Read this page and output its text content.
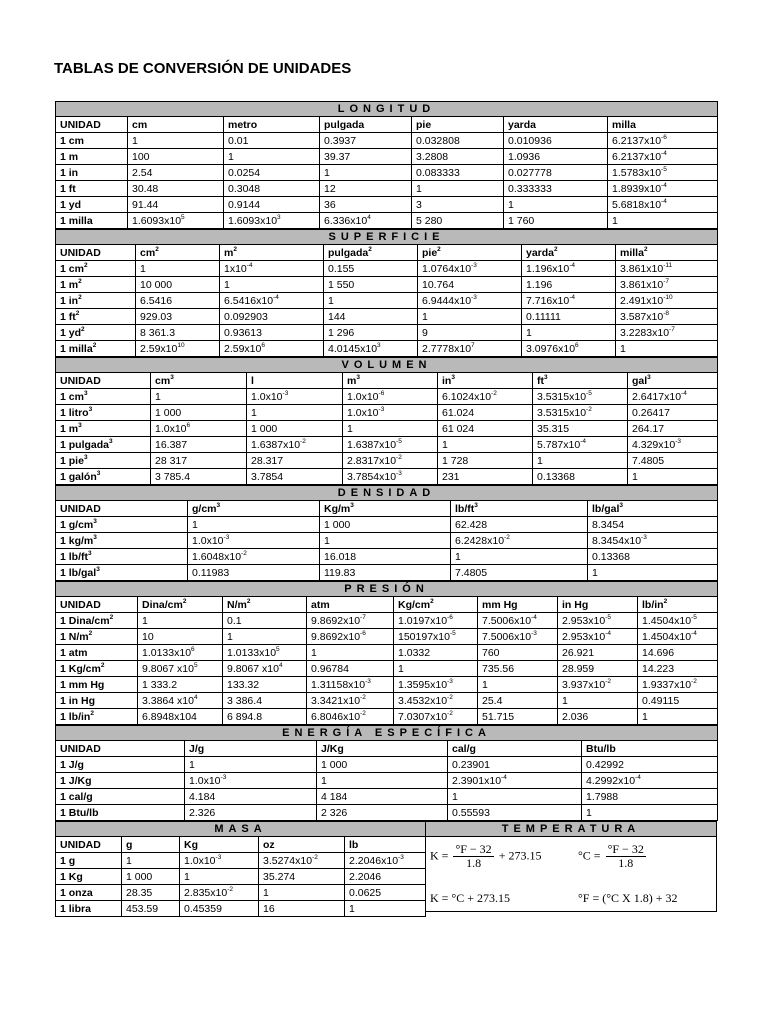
TABLAS DE CONVERSIÓN DE UNIDADES
LONGITUD						
UNIDAD	cm	metro	pulgada	pie	yarda	milla
1 cm	1	0.01	0.3937	0.032808	0.010936	$6.2137x10^{-6}$
1 m	100	1	39.37	3.2808	1.0936	$6.2137x10^{-4}$
1 in	2.54	0.0254	1	0.083333	0.027778	$1.5783x10^{-5}$
1 ft	30.48	0.3048	12	1	0.333333	$1.8939x10^{-4}$
1 yd	91.44	0.9144	36	3	1	$5.6818x10^{-4}$
1 milla	$1.6093x10^5$	$1.6093x10^3$	$6.336x10^4$	5 280	1 760	1
SUPERFICIE						
UNIDAD	$cm^2$	$m^2$	pulgada$^2$	pie$^2$	yarda$^2$	milla$^2$
1 $cm^2$	1	$1x10^{-4}$	0.155	$1.0764x10^{-3}$	$1.196x10^{-4}$	$3.861x10^{-11}$
1 $m^2$	10 000	1	1 550	10.764	1.196	$3.861x10^{-7}$
1 $in^2$	6.5416	$6.5416x10^{-4}$	1	$6.9444x10^{-3}$	$7.716x10^{-4}$	$2.491x10^{-10}$
1 $ft^2$	929.03	0.092903	144	1	0.11111	$3.587x10^{-8}$
1 $yd^2$	8 361.3	0.93613	1 296	9	1	$3.2283x10^{-7}$
1 milla$^2$	$2.59x10^{10}$	$2.59x10^6$	$4.0145x10^3$	$2.7778x10^7$	$3.0976x10^6$	1
VOLUMEN						
UNIDAD	$cm^3$	l	$m^3$	$in^3$	$ft^3$	gal$^3$
1 $cm^3$	1	$1.0x10^{-3}$	$1.0x10^{-6}$	$6.1024x10^{-2}$	$3.5315x10^{-5}$	$2.6417x10^{-4}$
1 litro$^3$	1 000	1	$1.0x10^{-3}$	61.024	$3.5315x10^{-2}$	0.26417
1 $m^3$	$1.0x10^6$	1 000	1	61 024	35.315	264.17
1 pulgada$^3$	16.387	$1.6387x10^{-2}$	$1.6387x10^{-5}$	1	$5.787x10^{-4}$	$4.329x10^{-3}$
1 pie$^3$	28 317	28.317	$2.8317x10^{-2}$	1 728	1	7.4805
1 galón$^3$	3 785.4	3.7854	$3.7854x10^{-3}$	231	0.13368	1
DENSIDAD				
UNIDAD	$g/cm^3$	$Kg/m^3$	$lb/ft^3$	lb/gal$^3$
1 $g/cm^3$	1	1 000	62.428	8.3454
1 $kg/m^3$	$1.0x10^{-3}$	1	$6.2428x10^{-2}$	$8.3454x10^{-3}$
1 $lb/ft^3$	$1.6048x10^{-2}$	16.018	1	0.13368
1 lb/gal$^3$	0.11983	119.83	7.4805	1
PRESIÓN							
UNIDAD	Dina/$cm^2$	$N/m^2$	atm	$Kg/cm^2$	mm Hg	in Hg	$lb/in^2$
1 Dina/$cm^2$	1	0.1	$9.8692x10^{-7}$	$1.0197x10^{-6}$	$7.5006x10^{-4}$	$2.953x10^{-5}$	$1.4504x10^{-5}$
1 $N/m^2$	10	1	$9.8692x10^{-6}$	$150197x10^{-5}$	$7.5006x10^{-3}$	$2.953x10^{-4}$	$1.4504x10^{-4}$
1 atm	$1.0133x10^6$	$1.0133x10^5$	1	1.0332	760	26.921	14.696
1 $Kg/cm^2$	9.8067 $x10^5$	9.8067 $x10^4$	0.96784	1	735.56	28.959	14.223
1 mm Hg	1 333.2	133.32	$1.31158x10^{-3}$	$1.3595x10^{-3}$	1	$3.937x10^{-2}$	$1.9337x10^{-2}$
1 in Hg	3.3864 $x10^4$	3 386.4	$3.3421x10^{-2}$	$3.4532x10^{-2}$	25.4	1	0.49115
1 $lb/in^2$	6.8948x104	6 894.8	$6.8046x10^{-2}$	$7.0307x10^{-2}$	51.715	2.036	1
ENERGÍA ESPECÍFICA				
UNIDAD	J/g	J/Kg	cal/g	Btu/lb
1 J/g	1	1 000	0.23901	0.42992
1 J/Kg	$1.0x10^{-3}$	1	$2.3901x10^{-4}$	$4.2992x10^{-4}$
1 cal/g	4.184	4 184	1	1.7988
1 Btu/lb	2.326	2 326	0.55593	1
MASA				
UNIDAD	g	Kg	oz	lb
1 g	1	$1.0x10^{-3}$	$3.5274x10^{-2}$	$2.2046x10^{-3}$
1 Kg	1 000	1	35.274	2.2046
1 onza	28.35	$2.835x10^{-2}$	1	0.0625
1 libra	453.59	0.45359	16	1
TEMPERATURA
$K = \frac{^\circ F - 32}{1.8} + 273.15$	$^\circ C = \frac{^\circ F - 32}{1.8}$
K = °C + 273.15	°F = (°C X 1.8) + 32
